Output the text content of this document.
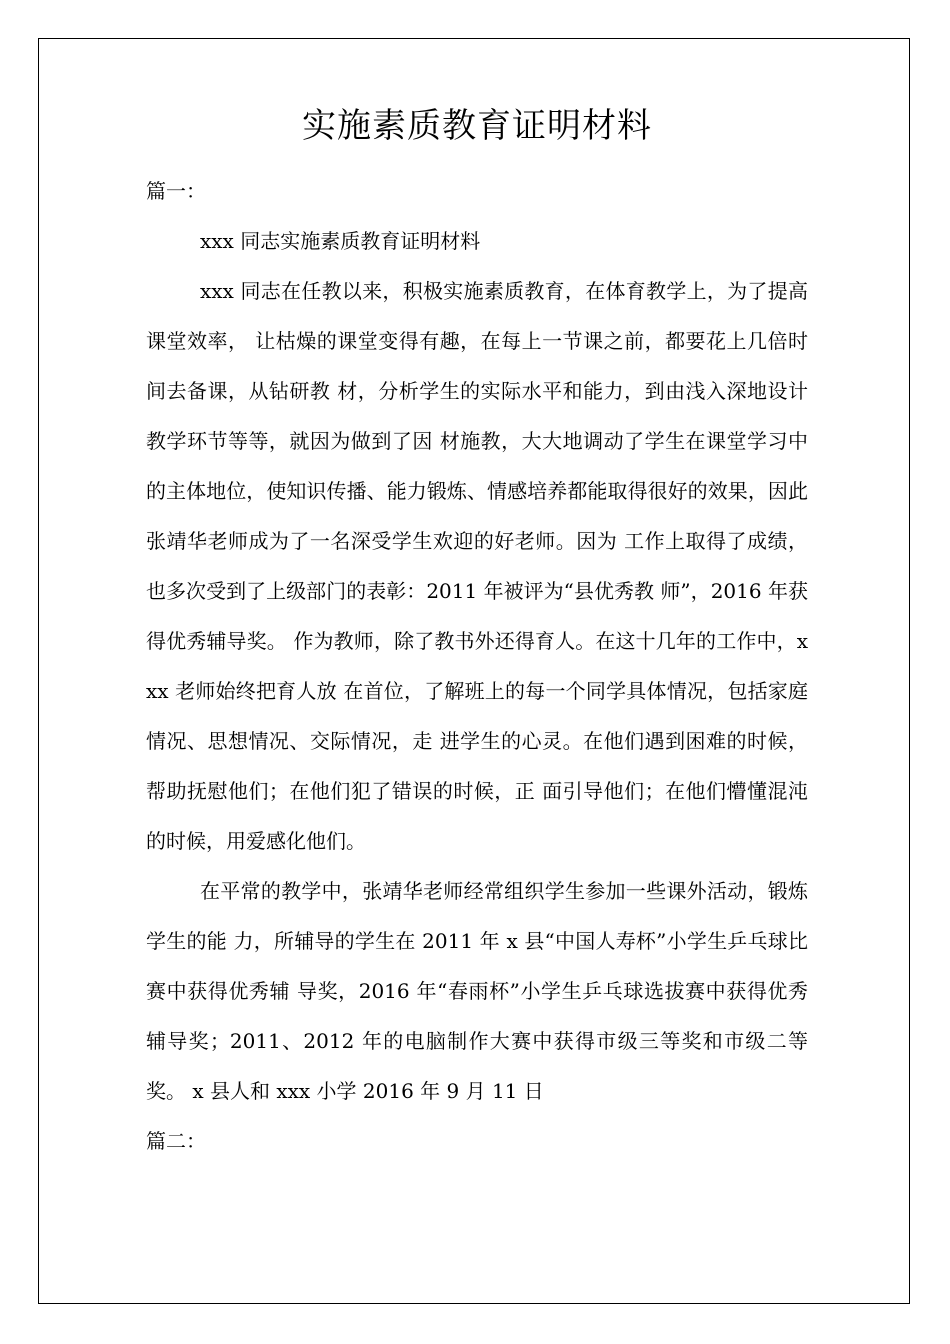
实施素质教育证明材料

篇一：

xxx 同志实施素质教育证明材料

xxx 同志在任教以来，积极实施素质教育，在体育教学上，为了提高课堂效率， 让枯燥的课堂变得有趣，在每上一节课之前，都要花上几倍时间去备课，从钻研教 材，分析学生的实际水平和能力，到由浅入深地设计教学环节等等，就因为做到了因 材施教，大大地调动了学生在课堂学习中的主体地位，使知识传播、能力锻炼、情感培养都能取得很好的效果，因此张靖华老师成为了一名深受学生欢迎的好老师。因为 工作上取得了成绩，也多次受到了上级部门的表彰：2011 年被评为“县优秀教 师”，2016 年获得优秀辅导奖。 作为教师，除了教书外还得育人。在这十几年的工作中，xxx 老师始终把育人放 在首位，了解班上的每一个同学具体情况，包括家庭情况、思想情况、交际情况，走 进学生的心灵。在他们遇到困难的时候，帮助抚慰他们；在他们犯了错误的时候，正 面引导他们；在他们懵懂混沌的时候，用爱感化他们。

在平常的教学中，张靖华老师经常组织学生参加一些课外活动，锻炼学生的能 力，所辅导的学生在 2011 年 x 县“中国人寿杯”小学生乒乓球比赛中获得优秀辅 导奖，2016 年“春雨杯”小学生乒乓球选拔赛中获得优秀辅导奖；2011、2012 年的电脑制作大赛中获得市级三等奖和市级二等奖。 x 县人和 xxx 小学 2016 年 9 月 11 日

篇二：
